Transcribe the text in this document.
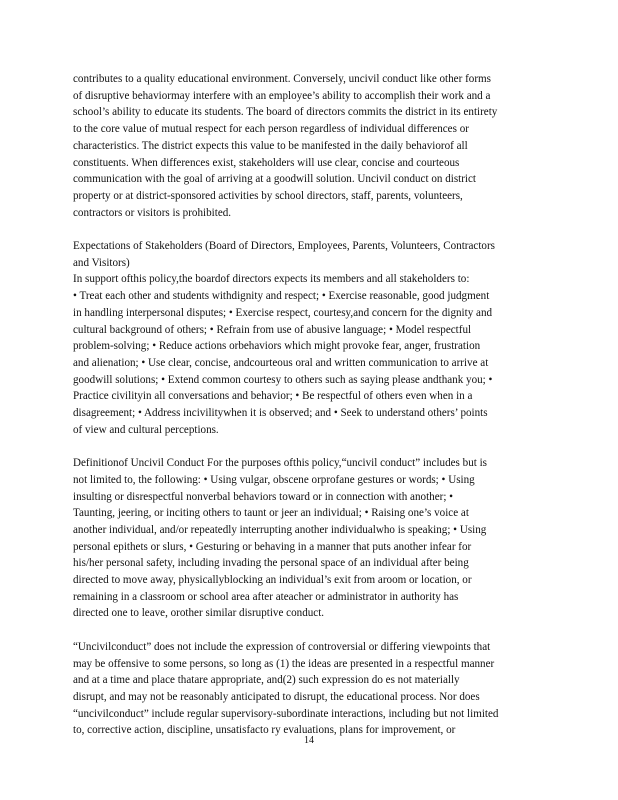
contributes to a quality educational environment. Conversely, uncivil conduct like other forms
of disruptive behaviormay interfere with an employee’s ability to accomplish their work and a
school’s ability to educate its students. The board of directors commits the district in its entirety
to the core value of mutual respect for each person regardless of individual differences or
characteristics. The district expects this value to be manifested in the daily behaviorof all
constituents. When differences exist, stakeholders will use clear, concise and courteous
communication with the goal of arriving at a goodwill solution. Uncivil conduct on district
property or at district-sponsored activities by school directors, staff, parents, volunteers,
contractors or visitors is prohibited.
Expectations of Stakeholders (Board of Directors, Employees, Parents, Volunteers, Contractors
and Visitors)
In support ofthis policy,the boardof directors expects its members and all stakeholders to:
• Treat each other and students withdignity and respect; • Exercise reasonable, good judgment
in handling interpersonal disputes; • Exercise respect, courtesy,and concern for the dignity and
cultural background of others; • Refrain from use of abusive language; • Model respectful
problem-solving; • Reduce actions orbehaviors which might provoke fear, anger, frustration
and alienation; • Use clear, concise, andcourteous oral and written communication to arrive at
goodwill solutions; • Extend common courtesy to others such as saying please andthank you; •
Practice civilityin all conversations and behavior; • Be respectful of others even when in a
disagreement; • Address incivilitywhen it is observed; and • Seek to understand others’ points
of view and cultural perceptions.
Definitionof Uncivil Conduct For the purposes ofthis policy,“uncivil conduct” includes but is
not limited to, the following: • Using vulgar, obscene orprofane gestures or words; • Using
insulting or disrespectful nonverbal behaviors toward or in connection with another; •
Taunting, jeering, or inciting others to taunt or jeer an individual; • Raising one’s voice at
another individual, and/or repeatedly interrupting another individualwho is speaking; • Using
personal epithets or slurs, • Gesturing or behaving in a manner that puts another infear for
his/her personal safety, including invading the personal space of an individual after being
directed to move away, physicallyblocking an individual’s exit from aroom or location, or
remaining in a classroom or school area after ateacher or administrator in authority has
directed one to leave, orother similar disruptive conduct.
“Uncivilconduct” does not include the expression of controversial or differing viewpoints that
may be offensive to some persons, so long as (1) the ideas are presented in a respectful manner
and at a time and place thatare appropriate, and(2) such expression do es not materially
disrupt, and may not be reasonably anticipated to disrupt, the educational process. Nor does
“uncivilconduct” include regular supervisory-subordinate interactions, including but not limited
to, corrective action, discipline, unsatisfacto ry evaluations, plans for improvement, or
14
